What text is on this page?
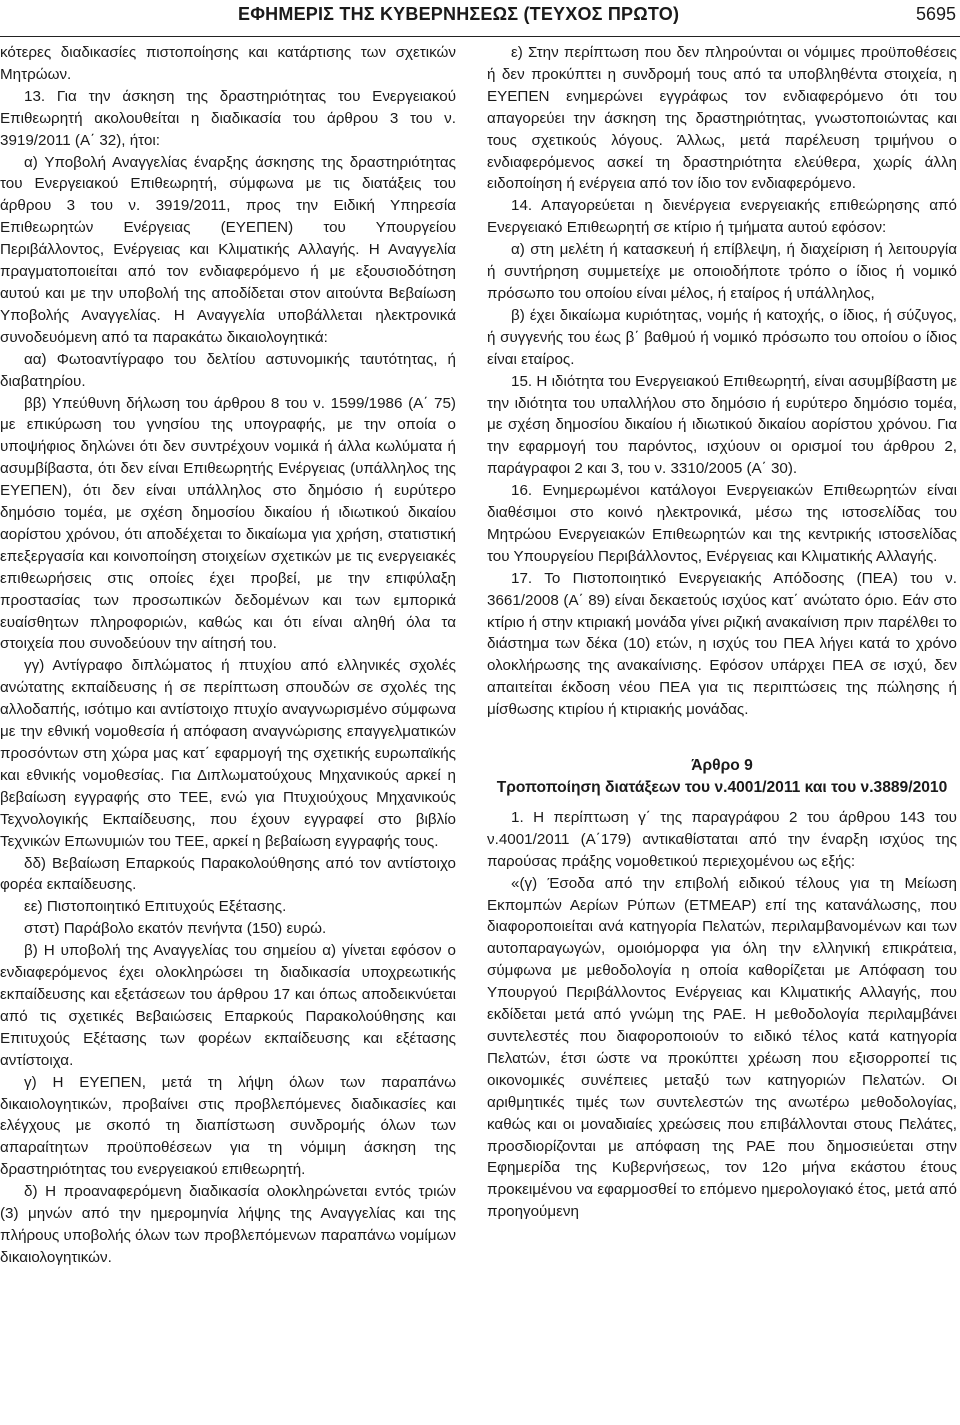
ΕΦΗΜΕΡΙΣ ΤΗΣ ΚΥΒΕΡΝΗΣΕΩΣ (ΤΕΥΧΟΣ ΠΡΩΤΟ)	5695

κότερες διαδικασίες πιστοποίησης και κατάρτισης των σχετικών Μητρώων.

13. Για την άσκηση της δραστηριότητας του Ενεργειακού Επιθεωρητή ακολουθείται η διαδικασία του άρθρου 3 του ν. 3919/2011 (Α΄ 32), ήτοι:

α) Υποβολή Αναγγελίας έναρξης άσκησης της δραστηριότητας του Ενεργειακού Επιθεωρητή, σύμφωνα με τις διατάξεις του άρθρου 3 του ν. 3919/2011, προς την Ειδική Υπηρεσία Επιθεωρητών Ενέργειας (ΕΥΕΠΕΝ) του Υπουργείου Περιβάλλοντος, Ενέργειας και Κλιματικής Αλλαγής. Η Αναγγελία πραγματοποιείται από τον ενδιαφερόμενο ή με εξουσιοδότηση αυτού και με την υποβολή της αποδίδεται στον αιτούντα Βεβαίωση Υποβολής Αναγγελίας. Η Αναγγελία υποβάλλεται ηλεκτρονικά συνοδευόμενη από τα παρακάτω δικαιολογητικά:

αα) Φωτοαντίγραφο του δελτίου αστυνομικής ταυτότητας, ή διαβατηρίου.

ββ) Υπεύθυνη δήλωση του άρθρου 8 του ν. 1599/1986 (Α΄ 75) με επικύρωση του γνησίου της υπογραφής, με την οποία ο υποψήφιος δηλώνει ότι δεν συντρέχουν νομικά ή άλλα κωλύματα ή ασυμβίβαστα, ότι δεν είναι Επιθεωρητής Ενέργειας (υπάλληλος της ΕΥΕΠΕΝ), ότι δεν είναι υπάλληλος στο δημόσιο ή ευρύτερο δημόσιο τομέα, με σχέση δημοσίου δικαίου ή ιδιωτικού δικαίου αορίστου χρόνου, ότι αποδέχεται το δικαίωμα για χρήση, στατιστική επεξεργασία και κοινοποίηση στοιχείων σχετικών με τις ενεργειακές επιθεωρήσεις στις οποίες έχει προβεί, με την επιφύλαξη προστασίας των προσωπικών δεδομένων και των εμπορικά ευαίσθητων πληροφοριών, καθώς και ότι είναι αληθή όλα τα στοιχεία που συνοδεύουν την αίτησή του.

γγ) Αντίγραφο διπλώματος ή πτυχίου από ελληνικές σχολές ανώτατης εκπαίδευσης ή σε περίπτωση σπουδών σε σχολές της αλλοδαπής, ισότιμο και αντίστοιχο πτυχίο αναγνωρισμένο σύμφωνα με την εθνική νομοθεσία ή απόφαση αναγνώρισης επαγγελματικών προσόντων στη χώρα μας κατ΄ εφαρμογή της σχετικής ευρωπαϊκής και εθνικής νομοθεσίας. Για Διπλωματούχους Μηχανικούς αρκεί η βεβαίωση εγγραφής στο ΤΕΕ, ενώ για Πτυχιούχους Μηχανικούς Τεχνολογικής Εκπαίδευσης, που έχουν εγγραφεί στο βιβλίο Τεχνικών Επωνυμιών του ΤΕΕ, αρκεί η βεβαίωση εγγραφής τους.

δδ) Βεβαίωση Επαρκούς Παρακολούθησης από τον αντίστοιχο φορέα εκπαίδευσης.

εε) Πιστοποιητικό Επιτυχούς Εξέτασης.

στστ) Παράβολο εκατόν πενήντα (150) ευρώ.

β) Η υποβολή της Αναγγελίας του σημείου α) γίνεται εφόσον ο ενδιαφερόμενος έχει ολοκληρώσει τη διαδικασία υποχρεωτικής εκπαίδευσης και εξετάσεων του άρθρου 17 και όπως αποδεικνύεται από τις σχετικές Βεβαιώσεις Επαρκούς Παρακολούθησης και Επιτυχούς Εξέτασης των φορέων εκπαίδευσης και εξέτασης αντίστοιχα.

γ) Η ΕΥΕΠΕΝ, μετά τη λήψη όλων των παραπάνω δικαιολογητικών, προβαίνει στις προβλεπόμενες διαδικασίες και ελέγχους με σκοπό τη διαπίστωση συνδρομής όλων των απαραίτητων προϋποθέσεων για τη νόμιμη άσκηση της δραστηριότητας του ενεργειακού επιθεωρητή.

δ) Η προαναφερόμενη διαδικασία ολοκληρώνεται εντός τριών (3) μηνών από την ημερομηνία λήψης της Αναγγελίας και της πλήρους υποβολής όλων των προβλεπόμενων παραπάνω νομίμων δικαιολογητικών.

ε) Στην περίπτωση που δεν πληρούνται οι νόμιμες προϋποθέσεις ή δεν προκύπτει η συνδρομή τους από τα υποβληθέντα στοιχεία, η ΕΥΕΠΕΝ ενημερώνει εγγράφως τον ενδιαφερόμενο ότι του απαγορεύει την άσκηση της δραστηριότητας, γνωστοποιώντας και τους σχετικούς λόγους. Άλλως, μετά παρέλευση τριμήνου ο ενδιαφερόμενος ασκεί τη δραστηριότητα ελεύθερα, χωρίς άλλη ειδοποίηση ή ενέργεια από τον ίδιο τον ενδιαφερόμενο.

14. Απαγορεύεται η διενέργεια ενεργειακής επιθεώρησης από Ενεργειακό Επιθεωρητή σε κτίριο ή τμήματα αυτού εφόσον:

α) στη μελέτη ή κατασκευή ή επίβλεψη, ή διαχείριση ή λειτουργία ή συντήρηση συμμετείχε με οποιοδήποτε τρόπο ο ίδιος ή νομικό πρόσωπο του οποίου είναι μέλος, ή εταίρος ή υπάλληλος,

β) έχει δικαίωμα κυριότητας, νομής ή κατοχής, ο ίδιος, ή σύζυγος, ή συγγενής του έως β΄ βαθμού ή νομικό πρόσωπο του οποίου ο ίδιος είναι εταίρος.

15. Η ιδιότητα του Ενεργειακού Επιθεωρητή, είναι ασυμβίβαστη με την ιδιότητα του υπαλλήλου στο δημόσιο ή ευρύτερο δημόσιο τομέα, με σχέση δημοσίου δικαίου ή ιδιωτικού δικαίου αορίστου χρόνου. Για την εφαρμογή του παρόντος, ισχύουν οι ορισμοί του άρθρου 2, παράγραφοι 2 και 3, του ν. 3310/2005 (Α΄ 30).

16. Ενημερωμένοι κατάλογοι Ενεργειακών Επιθεωρητών είναι διαθέσιμοι στο κοινό ηλεκτρονικά, μέσω της ιστοσελίδας του Μητρώου Ενεργειακών Επιθεωρητών και της κεντρικής ιστοσελίδας του Υπουργείου Περιβάλλοντος, Ενέργειας και Κλιματικής Αλλαγής.

17. Το Πιστοποιητικό Ενεργειακής Απόδοσης (ΠΕΑ) του ν. 3661/2008 (Α΄ 89) είναι δεκαετούς ισχύος κατ΄ ανώτατο όριο. Εάν στο κτίριο ή στην κτιριακή μονάδα γίνει ριζική ανακαίνιση πριν παρέλθει το διάστημα των δέκα (10) ετών, η ισχύς του ΠΕΑ λήγει κατά το χρόνο ολοκλήρωσης της ανακαίνισης. Εφόσον υπάρχει ΠΕΑ σε ισχύ, δεν απαιτείται έκδοση νέου ΠΕΑ για τις περιπτώσεις της πώλησης ή μίσθωσης κτιρίου ή κτιριακής μονάδας.

Άρθρο 9
Τροποποίηση διατάξεων του ν.4001/2011 και του ν.3889/2010

1. Η περίπτωση γ΄ της παραγράφου 2 του άρθρου 143 του ν.4001/2011 (Α΄179) αντικαθίσταται από την έναρξη ισχύος της παρούσας πράξης νομοθετικού περιεχομένου ως εξής:

«(γ) Έσοδα από την επιβολή ειδικού τέλους για τη Μείωση Εκπομπών Αερίων Ρύπων (ΕΤΜΕΑΡ) επί της κατανάλωσης, που διαφοροποιείται ανά κατηγορία Πελατών, περιλαμβανομένων και των αυτοπαραγωγών, ομοιόμορφα για όλη την ελληνική επικράτεια, σύμφωνα με μεθοδολογία η οποία καθορίζεται με Απόφαση του Υπουργού Περιβάλλοντος Ενέργειας και Κλιματικής Αλλαγής, που εκδίδεται μετά από γνώμη της ΡΑΕ. Η μεθοδολογία περιλαμβάνει συντελεστές που διαφοροποιούν το ειδικό τέλος κατά κατηγορία Πελατών, έτσι ώστε να προκύπτει χρέωση που εξισορροπεί τις οικονομικές συνέπειες μεταξύ των κατηγοριών Πελατών. Οι αριθμητικές τιμές των συντελεστών της ανωτέρω μεθοδολογίας, καθώς και οι μοναδιαίες χρεώσεις που επιβάλλονται στους Πελάτες, προσδιορίζονται με απόφαση της ΡΑΕ που δημοσιεύεται στην Εφημερίδα της Κυβερνήσεως, τον 12ο μήνα εκάστου έτους προκειμένου να εφαρμοσθεί το επόμενο ημερολογιακό έτος, μετά από προηγούμενη
